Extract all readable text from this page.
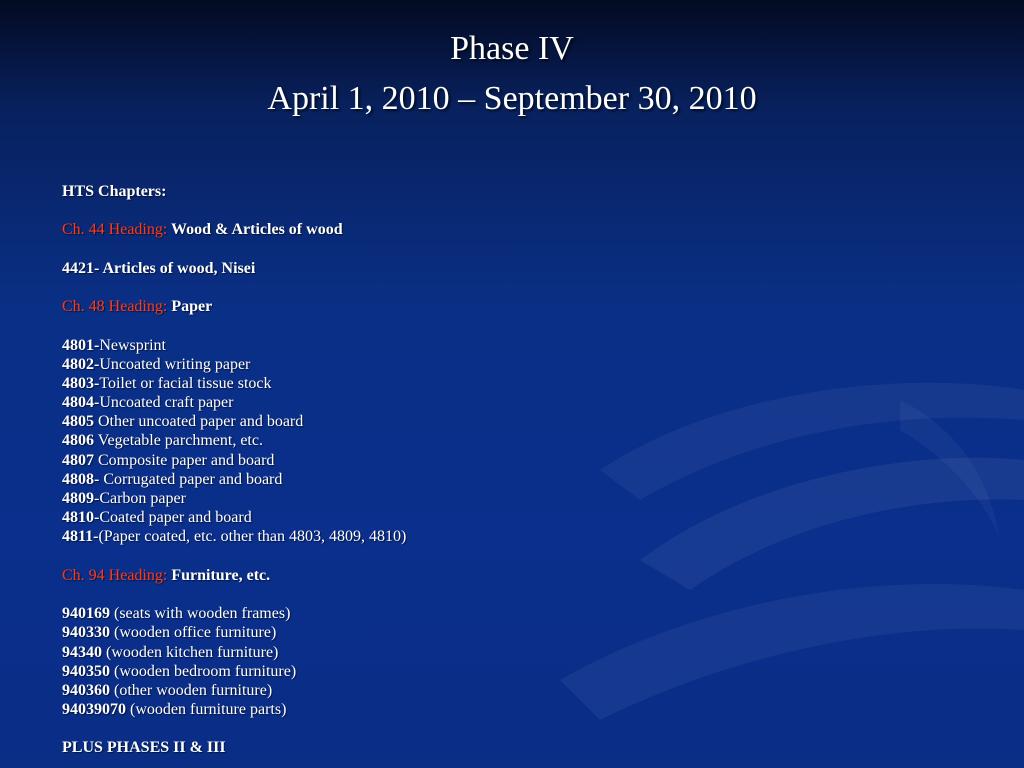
Phase IV
April 1, 2010 – September 30, 2010
HTS Chapters:
Ch. 44 Heading: Wood & Articles of wood
4421- Articles of wood, Nisei
Ch. 48 Heading: Paper
4801-Newsprint
4802-Uncoated writing paper
4803-Toilet or facial tissue stock
4804-Uncoated craft paper
4805 Other uncoated paper and board
4806 Vegetable parchment, etc.
4807 Composite paper and board
4808- Corrugated paper and board
4809-Carbon paper
4810-Coated paper and board
4811-(Paper coated, etc. other than 4803, 4809, 4810)
Ch. 94 Heading: Furniture, etc.
940169 (seats with wooden frames)
940330 (wooden office furniture)
94340 (wooden kitchen furniture)
940350 (wooden bedroom furniture)
940360 (other wooden furniture)
94039070 (wooden furniture parts)
PLUS PHASES II & III
